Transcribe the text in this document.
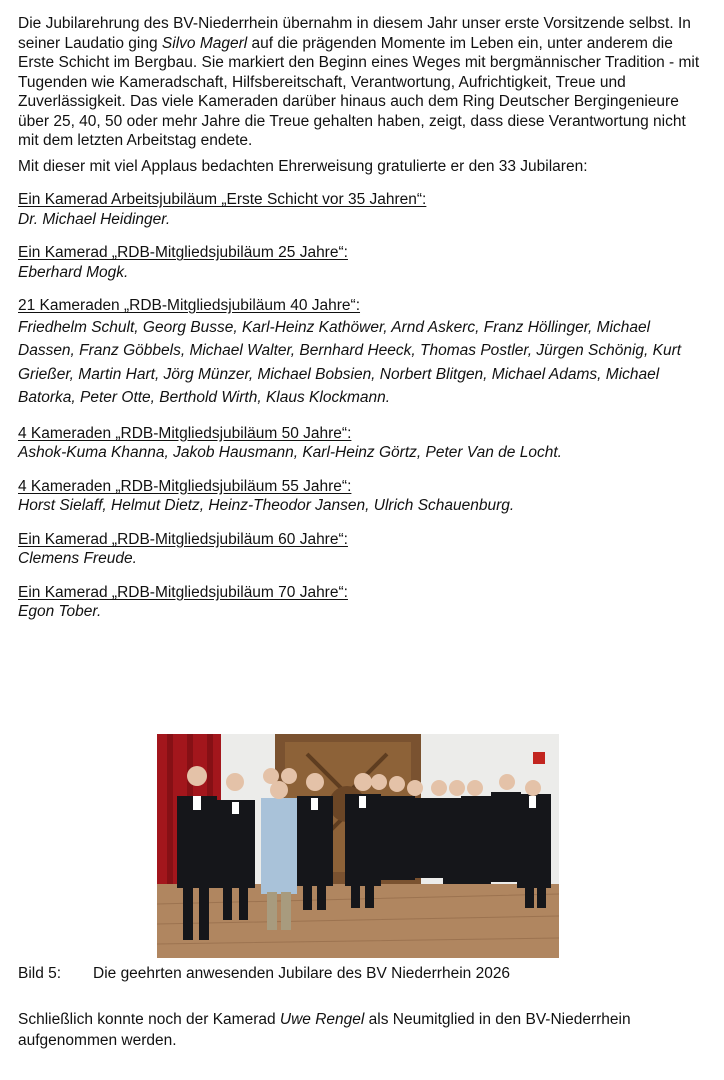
Die Jubilarehrung des BV-Niederrhein übernahm in diesem Jahr unser erste Vorsitzende selbst. In seiner Laudatio ging Silvo Magerl auf die prägenden Momente im Leben ein, unter anderem die Erste Schicht im Bergbau. Sie markiert den Beginn eines Weges mit bergmännischer Tradition - mit Tugenden wie Kameradschaft, Hilfsbereitschaft, Verantwortung, Aufrichtigkeit, Treue und Zuverlässigkeit. Das viele Kameraden darüber hinaus auch dem Ring Deutscher Bergingenieure über 25, 40, 50 oder mehr Jahre die Treue gehalten haben, zeigt, dass diese Verantwortung nicht mit dem letzten Arbeitstag endete.

Mit dieser mit viel Applaus bedachten Ehrerweisung gratulierte er den 33 Jubilaren:

Ein Kamerad Arbeitsjubiläum „Erste Schicht vor 35 Jahren“:

Dr. Michael Heidinger.

Ein Kamerad „RDB-Mitgliedsjubiläum 25 Jahre“:

Eberhard Mogk.

21 Kameraden „RDB-Mitgliedsjubiläum 40 Jahre“:

Friedhelm Schult, Georg Busse, Karl-Heinz Kathöwer, Arnd Askerc, Franz Höllinger, Michael Dassen, Franz Göbbels, Michael Walter, Bernhard Heeck, Thomas Postler, Jürgen Schönig, Kurt Grießer, Martin Hart, Jörg Münzer, Michael Bobsien, Norbert Blitgen, Michael Adams, Michael Batorka, Peter Otte, Berthold Wirth, Klaus Klockmann.

4 Kameraden „RDB-Mitgliedsjubiläum 50 Jahre“:

Ashok-Kuma Khanna, Jakob Hausmann, Karl-Heinz Görtz, Peter Van de Locht.

4 Kameraden „RDB-Mitgliedsjubiläum 55 Jahre“:

Horst Sielaff, Helmut Dietz, Heinz-Theodor Jansen, Ulrich Schauenburg.

Ein Kamerad „RDB-Mitgliedsjubiläum 60 Jahre“:

Clemens Freude.

Ein Kamerad „RDB-Mitgliedsjubiläum 70 Jahre“:

Egon Tober.

Bild 5: Die geehrten anwesenden Jubilare des BV Niederrhein 2026

Schließlich konnte noch der Kamerad Uwe Rengel als Neumitglied in den BV-Niederrhein aufgenommen werden.
